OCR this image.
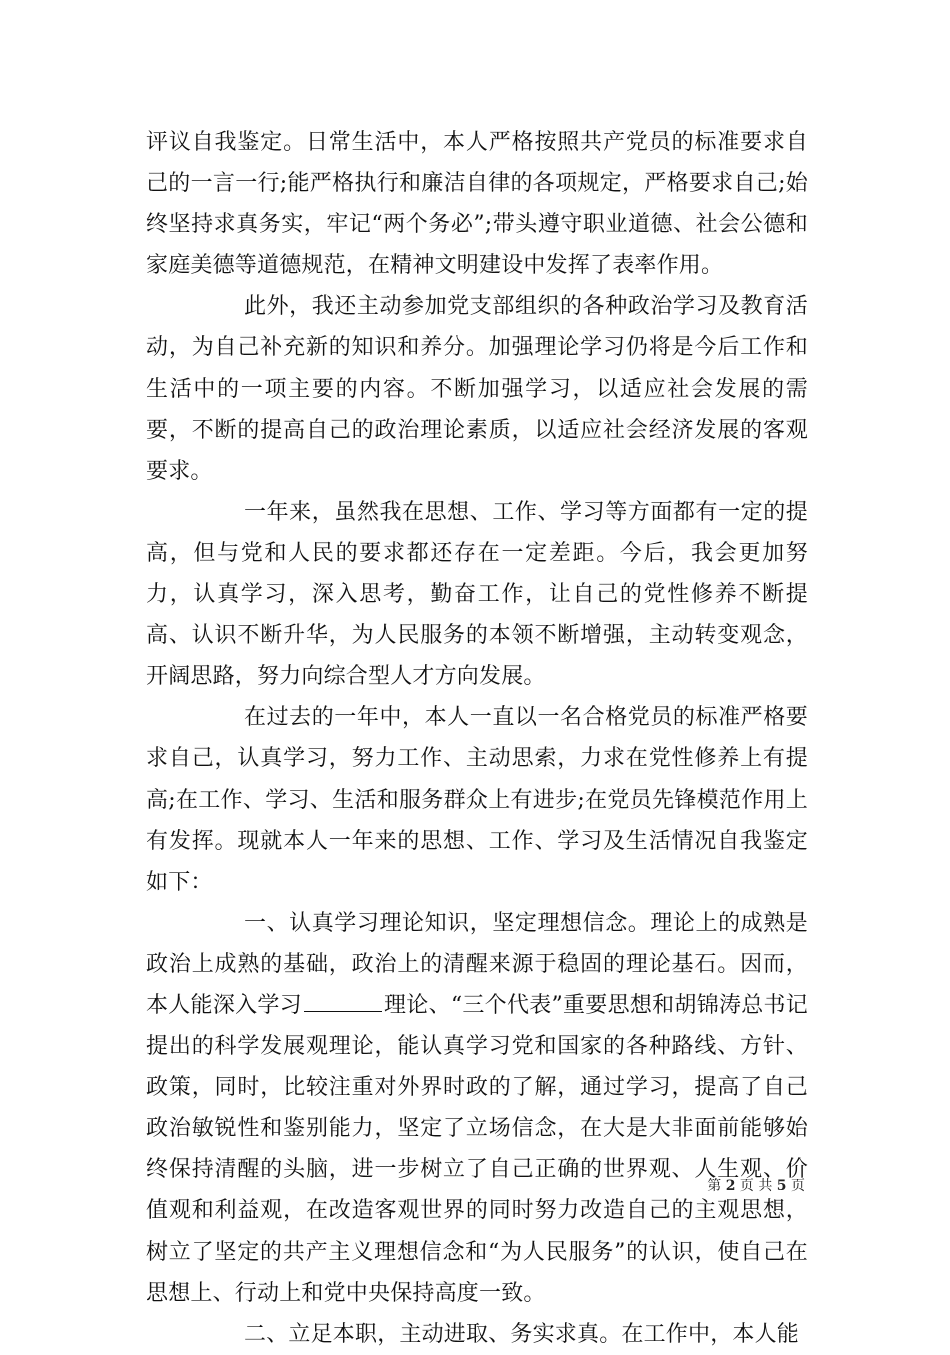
评议自我鉴定。日常生活中，本人严格按照共产党员的标准要求自己的一言一行;能严格执行和廉洁自律的各项规定，严格要求自己;始终坚持求真务实，牢记“两个务必”;带头遵守职业道德、社会公德和家庭美德等道德规范，在精神文明建设中发挥了表率作用。

此外，我还主动参加党支部组织的各种政治学习及教育活动，为自己补充新的知识和养分。加强理论学习仍将是今后工作和生活中的一项主要的内容。不断加强学习，以适应社会发展的需要，不断的提高自己的政治理论素质，以适应社会经济发展的客观要求。

一年来，虽然我在思想、工作、学习等方面都有一定的提高，但与党和人民的要求都还存在一定差距。今后，我会更加努力，认真学习，深入思考，勤奋工作，让自己的党性修养不断提高、认识不断升华，为人民服务的本领不断增强，主动转变观念，开阔思路，努力向综合型人才方向发展。

在过去的一年中，本人一直以一名合格党员的标准严格要求自己，认真学习，努力工作、主动思索，力求在党性修养上有提高;在工作、学习、生活和服务群众上有进步;在党员先锋模范作用上有发挥。现就本人一年来的思想、工作、学习及生活情况自我鉴定如下：

一、认真学习理论知识，坚定理想信念。理论上的成熟是政治上成熟的基础，政治上的清醒来源于稳固的理论基石。因而，本人能深入学习	理论、“三个代表”重要思想和胡锦涛总书记提出的科学发展观理论，能认真学习党和国家的各种路线、方针、政策，同时，比较注重对外界时政的了解，通过学习，提高了自己政治敏锐性和鉴别能力，坚定了立场信念，在大是大非面前能够始终保持清醒的头脑，进一步树立了自己正确的世界观、人生观、价值观和利益观，在改造客观世界的同时努力改造自己的主观思想，树立了坚定的共产主义理想信念和“为人民服务”的认识，使自己在思想上、行动上和党中央保持高度一致。

二、立足本职，主动进取、务实求真。在工作中，本人能

第 2 页 共 5 页
